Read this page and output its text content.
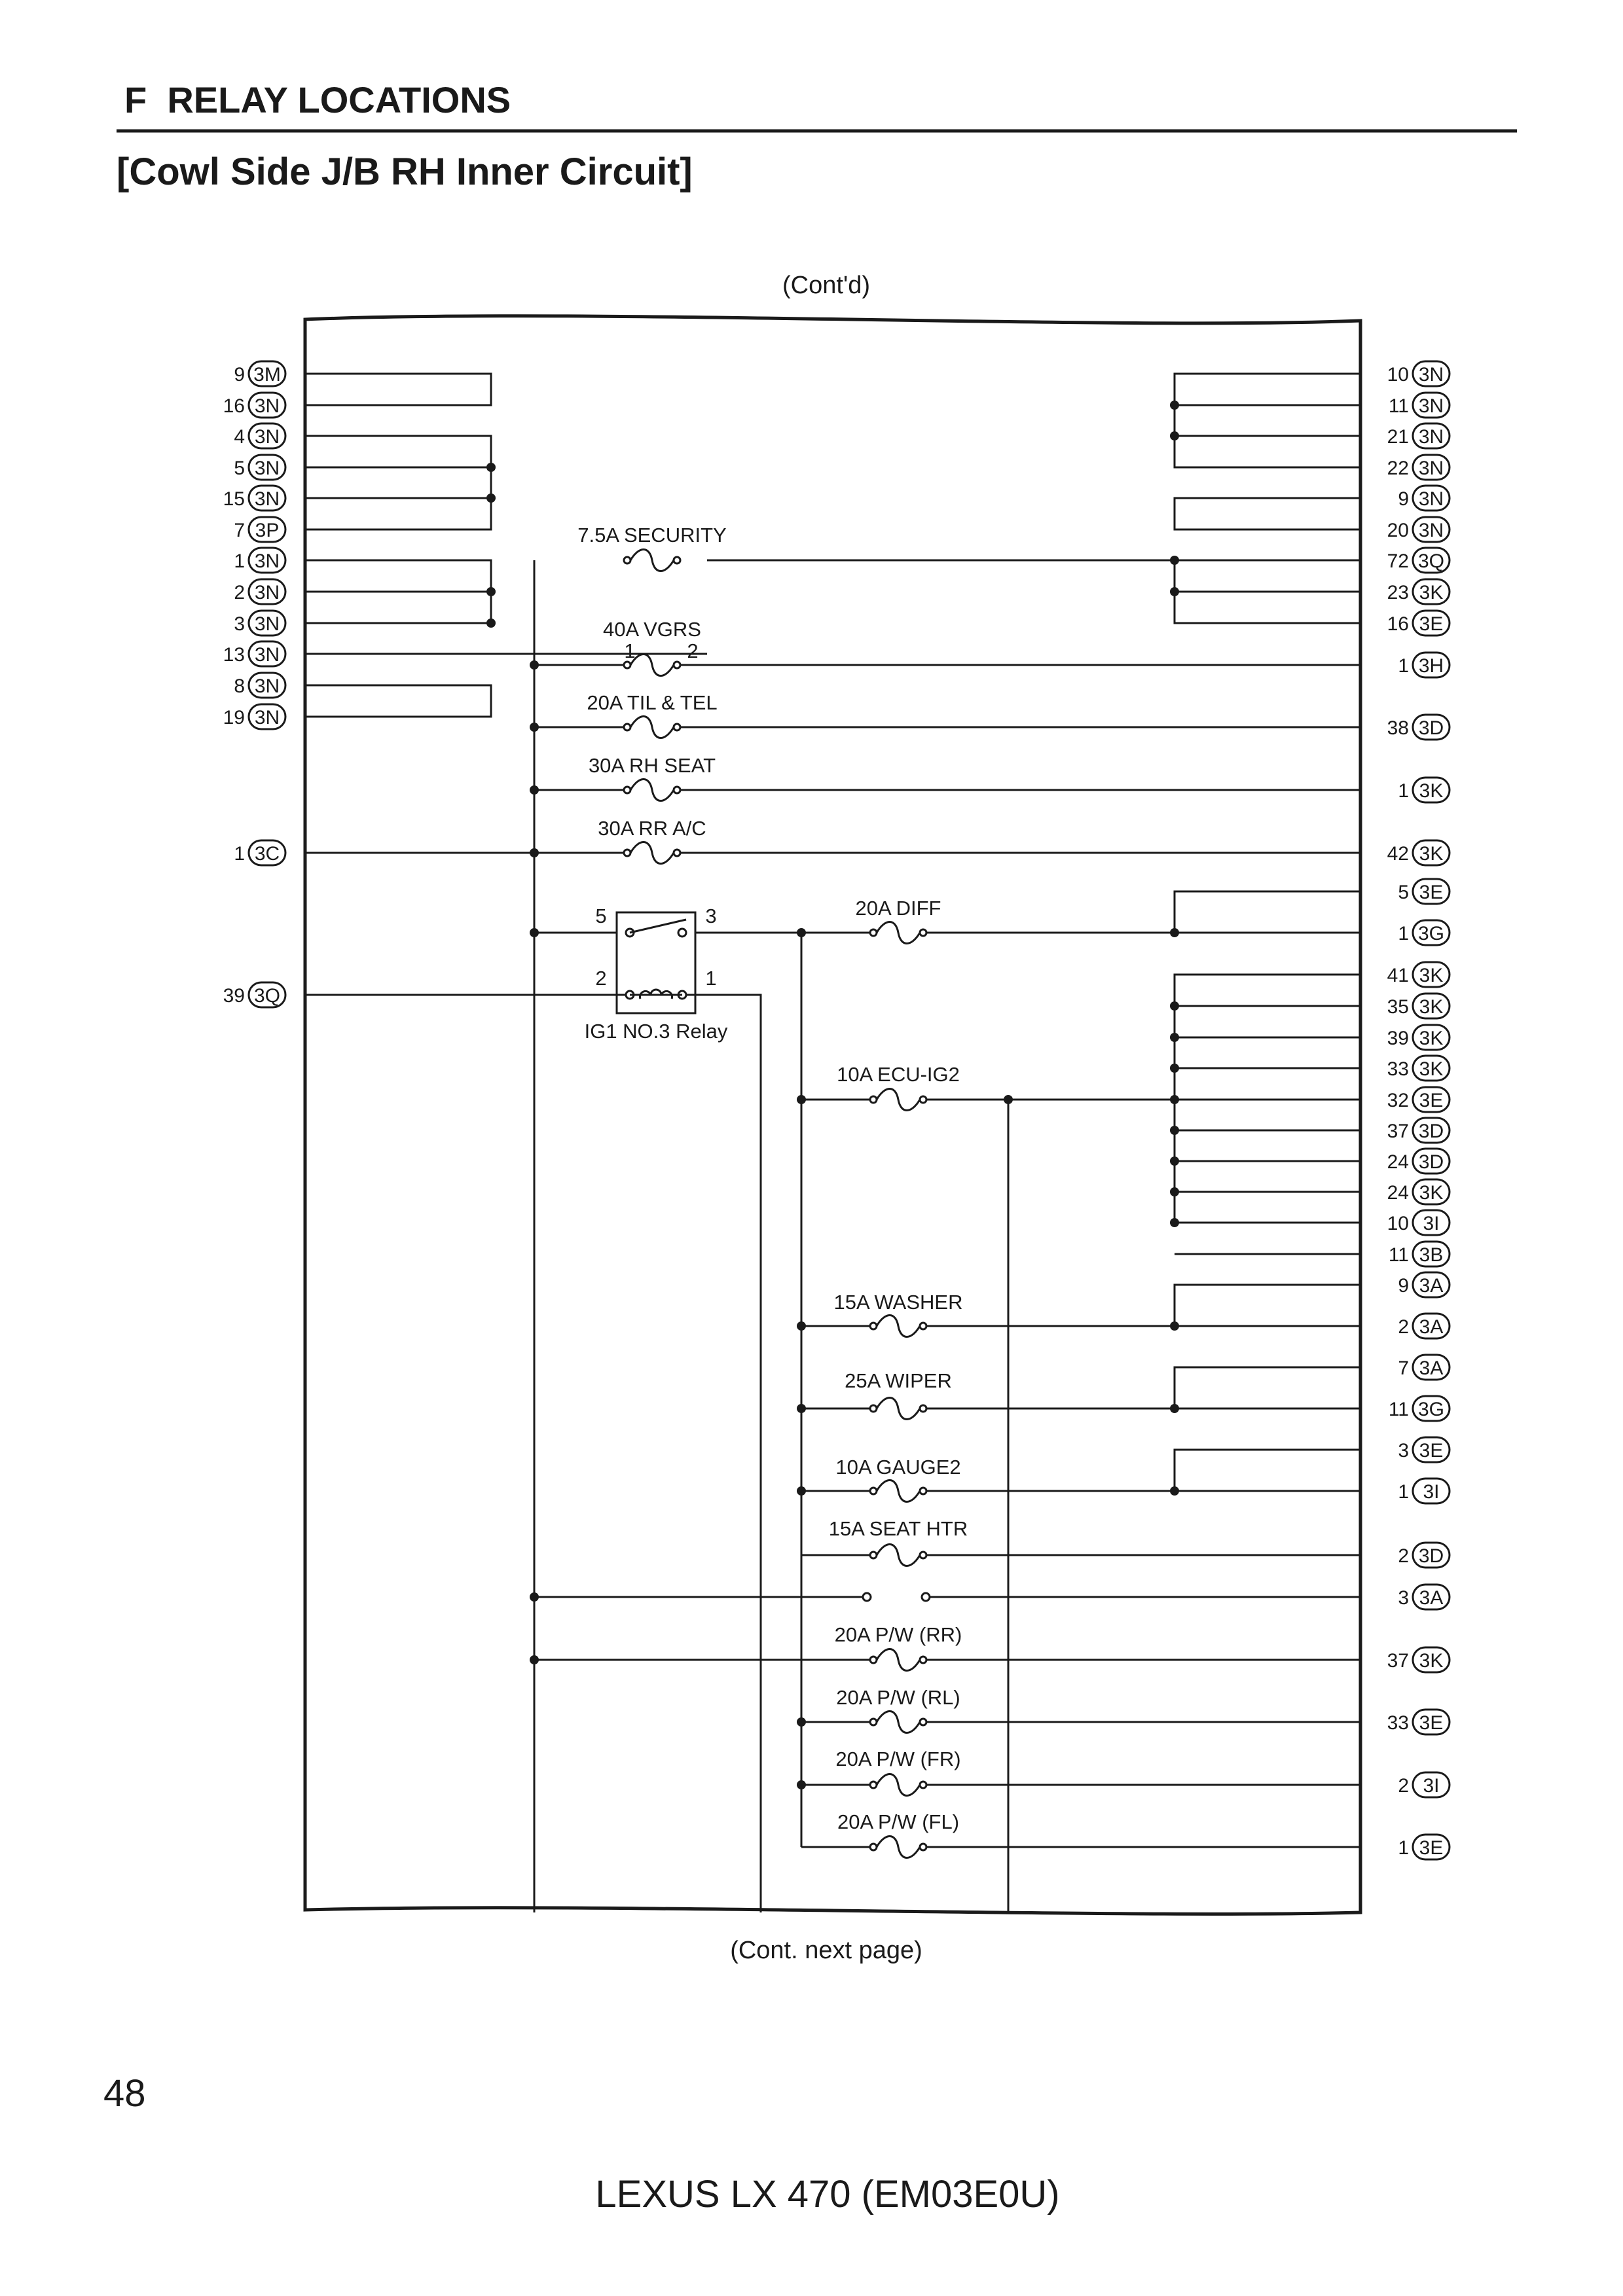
F  RELAY LOCATIONS
[Cowl Side J/B RH Inner Circuit]
(Cont'd)
5	3
2	1
IG1 NO.3 Relay
9 3M
16 3N
4 3N
5 3N
15 3N
7 3P
1 3N
2 3N
3 3N
13 3N
8 3N
19 3N
1 3C
39 3Q
10 3N
11 3N
21 3N
22 3N
9 3N
20 3N
72 3Q
23 3K
16 3E
1 3H
38 3D
1 3K
42 3K
5 3E
1 3G
41 3K
35 3K
39 3K
33 3K
32 3E
37 3D
24 3D
24 3K
10 3I
11 3B
9 3A
2 3A
7 3A
11 3G
3 3E
1 3I
2 3D
3 3A
37 3K
33 3E
2 3I
1 3E
7.5A SECURITY
40A VGRS
1	2
20A TIL & TEL
30A RH SEAT
30A RR A/C
20A DIFF
10A ECU-IG2
15A WASHER
25A WIPER
10A GAUGE2
15A SEAT HTR
20A P/W (RR)
20A P/W (RL)
20A P/W (FR)
20A P/W (FL)
(Cont. next page)
48
LEXUS LX 470 (EM03E0U)
